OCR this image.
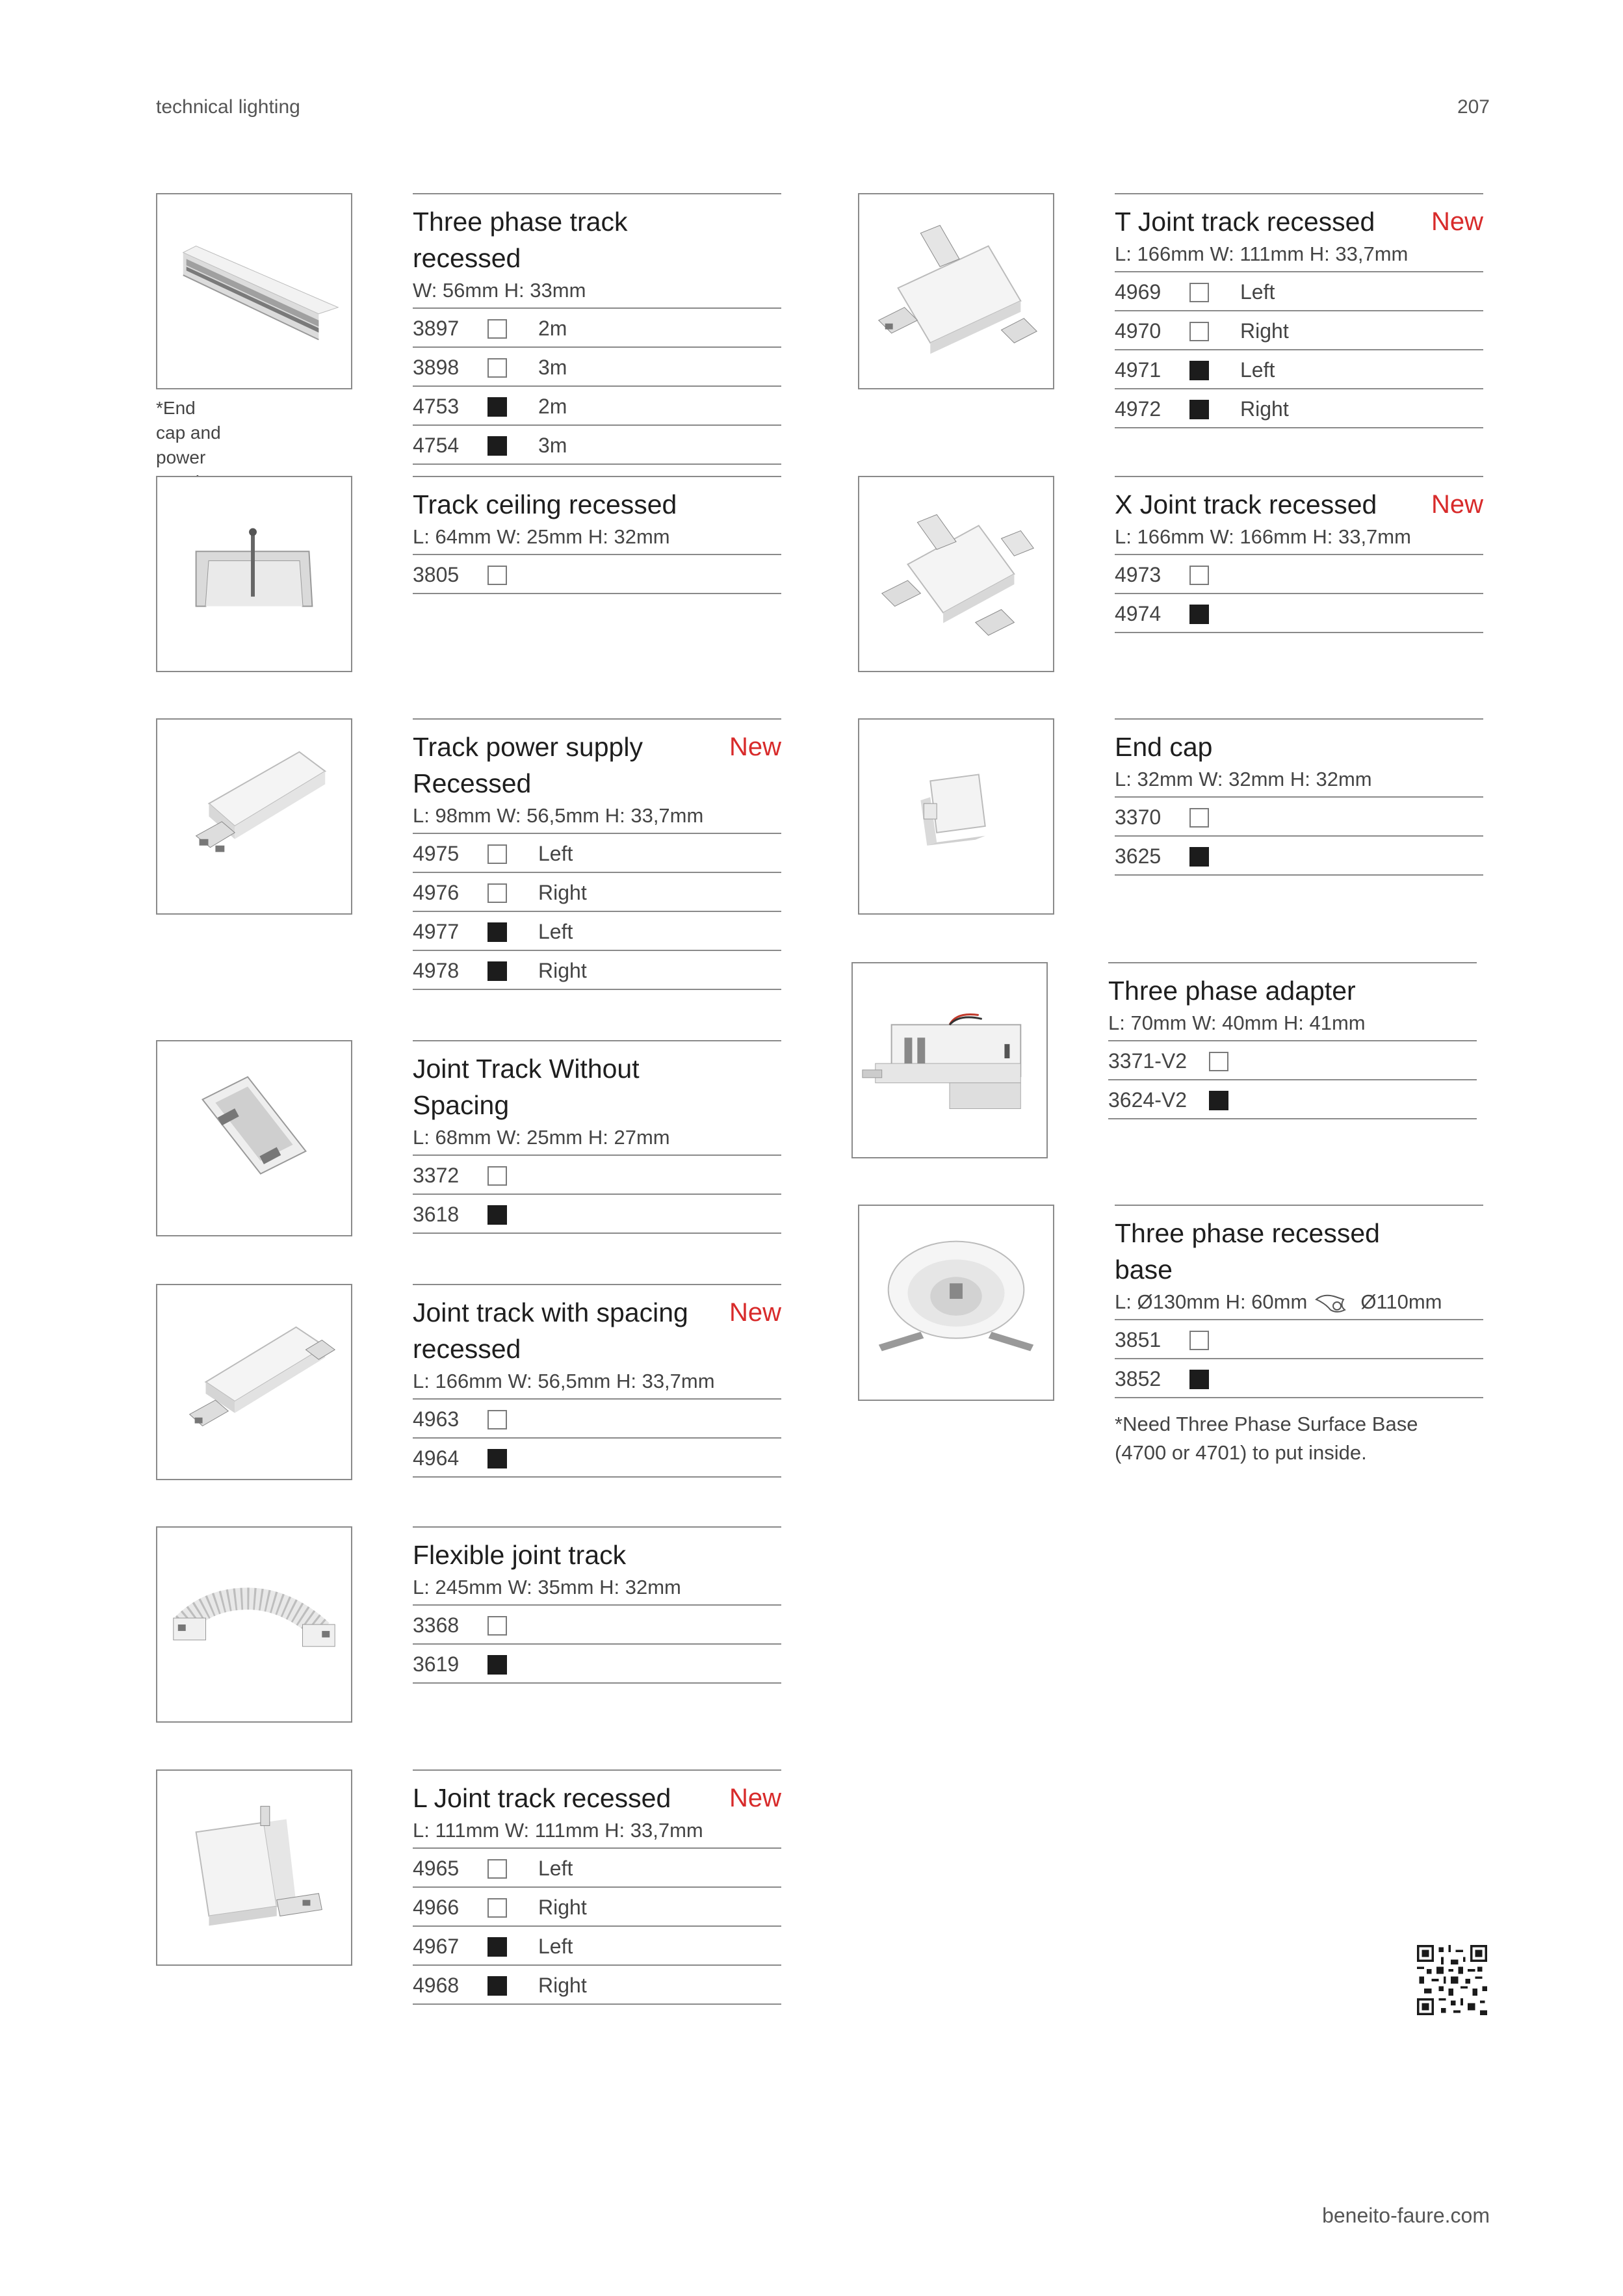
technical lighting	207
*End cap and power

Three phase track recessed
W: 56mm H: 33mm
3897	2m
3898	3m
4753	2m
4754	3m
Track ceiling recessed
L: 64mm W: 25mm H: 32mm
3805
Track power supply
Recessed
New
L: 98mm W: 56,5mm H: 33,7mm
4975	Left
4976	Right
4977	Left
4978	Right
Joint Track Without Spacing
L: 68mm W: 25mm H: 27mm
3372
3618
Joint track with spacing
recessed
New
L: 166mm W: 56,5mm H: 33,7mm
4963
4964
Flexible joint track
L: 245mm W: 35mm H: 32mm
3368
3619
L Joint track recessed	New
L: 111mm W: 111mm H: 33,7mm
4965	Left
4966	Right
4967	Left
4968	Right
T Joint track recessed	New
L: 166mm W: 111mm H: 33,7mm
4969	Left
4970	Right
4971	Left
4972	Right
X Joint track recessed	New
L: 166mm W: 166mm H: 33,7mm
4973
4974
End cap
L: 32mm W: 32mm H: 32mm
3370
3625
Three phase adapter
L: 70mm W: 40mm H: 41mm
3371-V2
3624-V2
Three phase recessed base
L: Ø130mm H: 60mm	Ø110mm
3851
3852
*Need Three Phase Surface Base
(4700 or 4701) to put inside.
beneito-faure.com
